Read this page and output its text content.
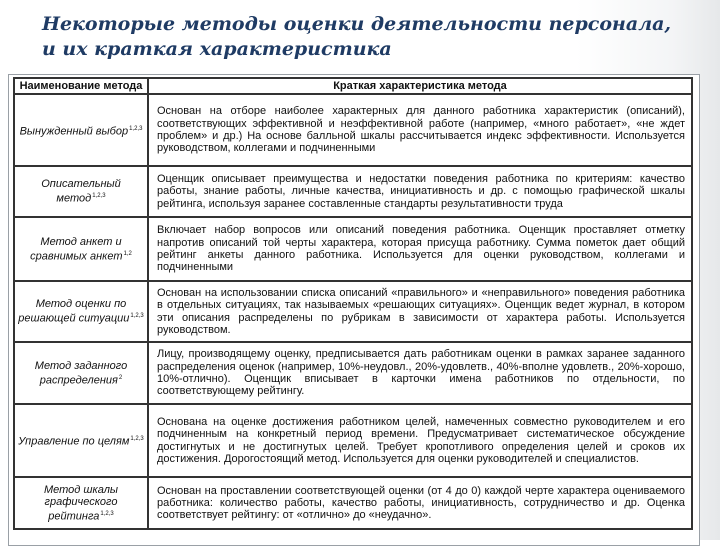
Некоторые методы оценки деятельности персонала,
и их краткая характеристика
Наименование метода	Краткая характеристика метода
Вынужденный выбор$^{1,2,3}$	Основан на отборе наиболее характерных для данного работника характеристик (описаний), соответствующих эффективной и неэффективной работе (например, «много работает», «не ждет проблем» и др.) На основе балльной шкалы рассчитывается индекс эффективности. Используется руководством, коллегами и подчиненными
Описательный метод$^{1,2,3}$	Оценщик описывает преимущества и недостатки поведения работника по критериям: качество работы, знание работы, личные качества, инициативность и др. с помощью графической шкалы рейтинга, используя заранее составленные стандарты результативности труда
Метод анкет и сравнимых анкет$^{1,2}$	Включает набор вопросов или описаний поведения работника. Оценщик проставляет отметку напротив описаний той черты характера, которая присуща работнику. Сумма пометок дает общий рейтинг анкеты данного работника. Используется для оценки руководством, коллегами и подчиненными
Метод оценки по решающей ситуации$^{1,2,3}$	Основан на использовании списка описаний «правильного» и «неправильного» поведения работника в отдельных ситуациях, так называемых «решающих ситуациях». Оценщик ведет журнал, в котором эти описания распределены по рубрикам в зависимости от характера работы. Используется руководством.
Метод заданного распределения$^2$	Лицу, производящему оценку, предписывается дать работникам оценки в рамках заранее заданного распределения оценок (например, 10%-неудовл., 20%-удовлетв., 40%-вполне удовлетв., 20%-хорошо, 10%-отлично). Оценщик вписывает в карточки имена работников по отдельности, по соответствующему рейтингу.
Управление по целям$^{1,2,3}$	Основана на оценке достижения работником целей, намеченных совместно руководителем и его подчиненным на конкретный период времени. Предусматривает систематическое обсуждение достигнутых и не достигнутых целей. Требует кропотливого определения целей и сроков их достижения. Дорогостоящий метод. Используется для оценки руководителей и специалистов.
Метод шкалы графического рейтинга$^{1,2,3}$	Основан на проставлении соответствующей оценки (от 4 до 0) каждой черте характера оцениваемого работника: количество работы, качество работы, инициативность, сотрудничество и др. Оценка соответствует рейтингу: от «отлично» до «неудачно».
